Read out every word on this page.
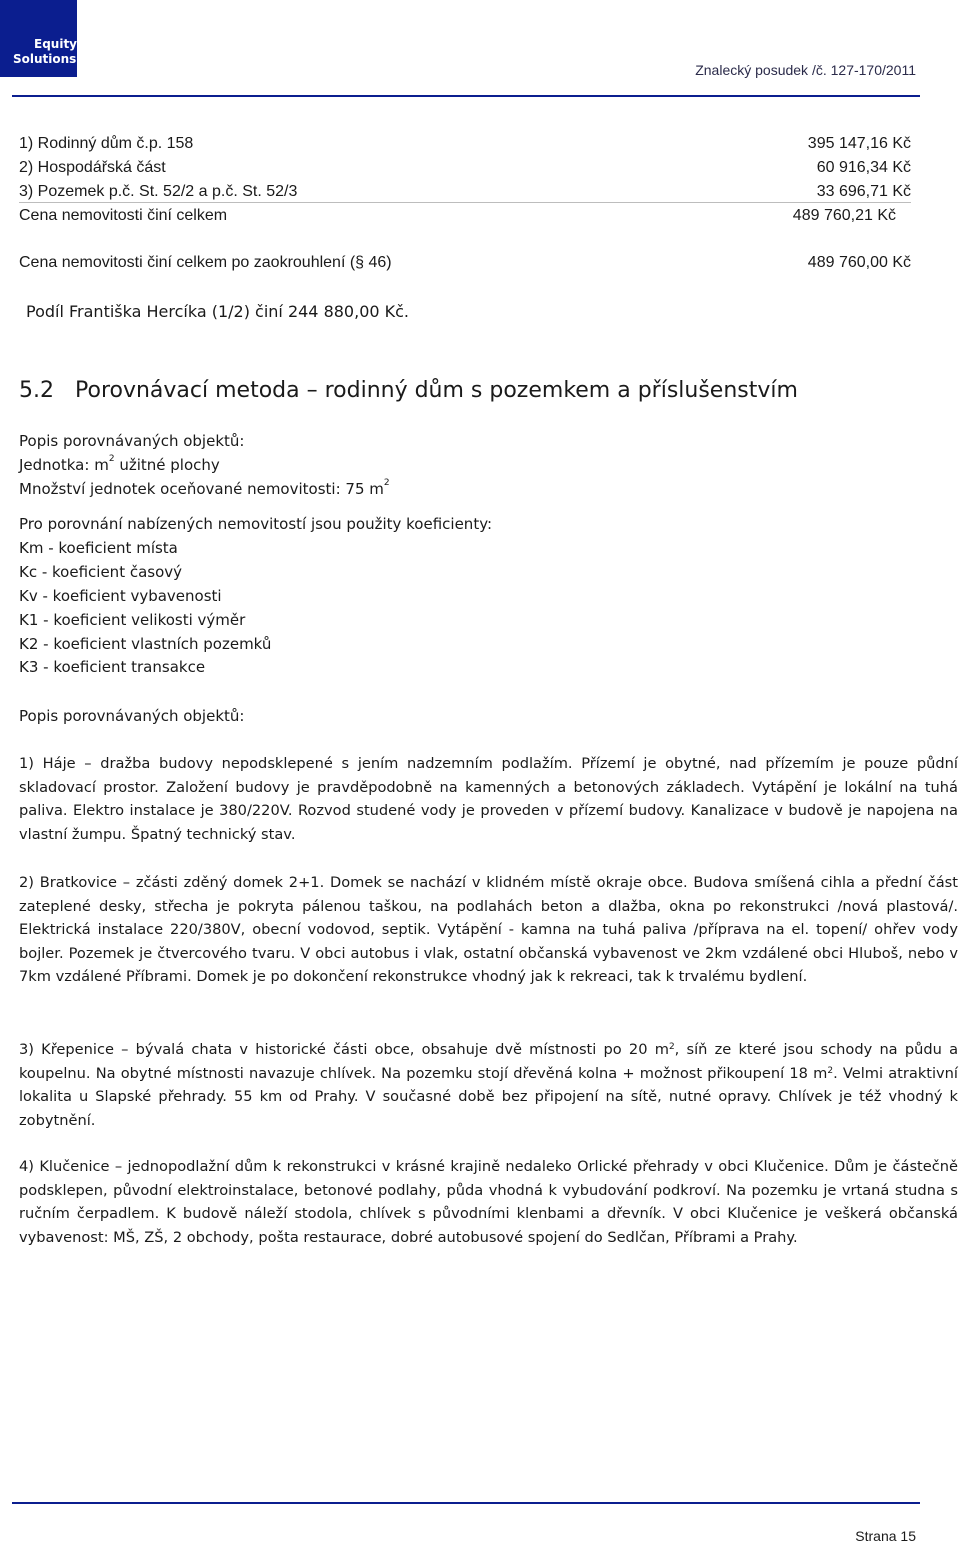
Equity
Solutions
Znalecký posudek /č. 127-170/2011
1) Rodinný dům č.p. 158	395 147,16 Kč
2) Hospodářská část	60 916,34 Kč
3) Pozemek p.č. St. 52/2 a p.č. St. 52/3	33 696,71 Kč
Cena nemovitosti činí celkem	489 760,21 Kč
Cena nemovitosti činí celkem po zaokrouhlení (§ 46)	489 760,00 Kč
Podíl Františka Hercíka (1/2) činí 244 880,00 Kč.
5.2 Porovnávací metoda – rodinný dům s pozemkem a příslušenstvím
Popis porovnávaných objektů:
Jednotka: $m^2$ užitné plochy
Množství jednotek oceňované nemovitosti: 75 $m^2$
Pro porovnání nabízených nemovitostí jsou použity koeficienty:
Km - koeficient místa
Kc - koeficient časový
Kv - koeficient vybavenosti
K1 - koeficient velikosti výměr
K2 - koeficient vlastních pozemků
K3 - koeficient transakce
Popis porovnávaných objektů:

1) Háje – dražba budovy nepodsklepené s jením nadzemním podlažím. Přízemí je obytné, nad přízemím je pouze půdní skladovací prostor. Založení budovy je pravděpodobně na kamenných a betonových základech. Vytápění je lokální na tuhá paliva. Elektro instalace je 380/220V. Rozvod studené vody je proveden v přízemí budovy. Kanalizace v budově je napojena na vlastní žumpu. Špatný technický stav.

2) Bratkovice – zčásti zděný domek 2+1. Domek se nachází v klidném místě okraje obce. Budova smíšená cihla a přední část zateplené desky, střecha je pokryta pálenou taškou, na podlahách beton a dlažba, okna po rekonstrukci /nová plastová/. Elektrická instalace 220/380V, obecní vodovod, septik. Vytápění - kamna na tuhá paliva /příprava na el. topení/ ohřev vody bojler. Pozemek je čtvercového tvaru. V obci autobus i vlak, ostatní občanská vybavenost ve 2km vzdálené obci Hluboš, nebo v 7km vzdálené Příbrami. Domek je po dokončení rekonstrukce vhodný jak k rekreaci, tak k trvalému bydlení.

3) Křepenice – bývalá chata v historické části obce, obsahuje dvě místnosti po 20 $m^2$, síň ze které jsou schody na půdu a koupelnu. Na obytné místnosti navazuje chlívek. Na pozemku stojí dřevěná kolna + možnost přikoupení 18 $m^2$. Velmi atraktivní lokalita u Slapské přehrady. 55 km od Prahy. V současné době bez připojení na sítě, nutné opravy. Chlívek je též vhodný k zobytnění.

4) Klučenice – jednopodlažní dům k rekonstrukci v krásné krajině nedaleko Orlické přehrady v obci Klučenice. Dům je částečně podsklepen, původní elektroinstalace, betonové podlahy, půda vhodná k vybudování podkroví. Na pozemku je vrtaná studna s ručním čerpadlem. K budově náleží stodola, chlívek s původními klenbami a dřevník. V obci Klučenice je veškerá občanská vybavenost: MŠ, ZŠ, 2 obchody, pošta restaurace, dobré autobusové spojení do Sedlčan, Příbrami a Prahy.

Strana 15
